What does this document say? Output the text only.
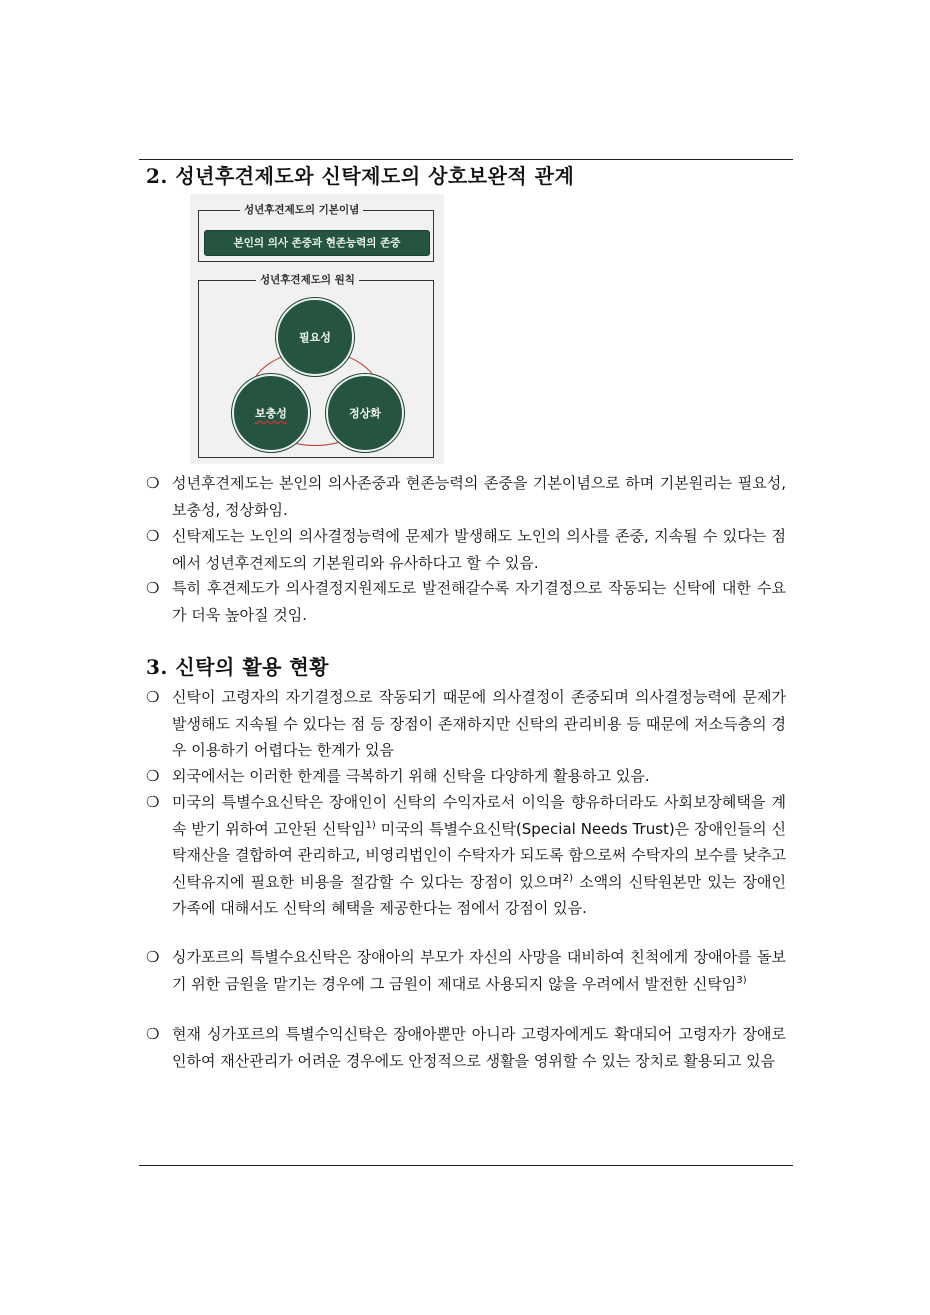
2. 성년후견제도와 신탁제도의 상호보완적 관계
성년후견제도의 기본이념
본인의 의사 존중과 현존능력의 존중
성년후견제도의 원칙
필요성
보충성	정상화
❍ 성년후견제도는 본인의 의사존중과 현존능력의 존중을 기본이념으로 하며 기본원리는 필요성, 보충성, 정상화임.
❍ 신탁제도는 노인의 의사결정능력에 문제가 발생해도 노인의 의사를 존중, 지속될 수 있다는 점에서 성년후견제도의 기본원리와 유사하다고 할 수 있음.
❍ 특히 후견제도가 의사결정지원제도로 발전해갈수록 자기결정으로 작동되는 신탁에 대한 수요가 더욱 높아질 것임.
3. 신탁의 활용 현황
❍ 신탁이 고령자의 자기결정으로 작동되기 때문에 의사결정이 존중되며 의사결정능력에 문제가 발생해도 지속될 수 있다는 점 등 장점이 존재하지만 신탁의 관리비용 등 때문에 저소득층의 경우 이용하기 어렵다는 한계가 있음
❍ 외국에서는 이러한 한계를 극복하기 위해 신탁을 다양하게 활용하고 있음.
❍ 미국의 특별수요신탁은 장애인이 신탁의 수익자로서 이익을 향유하더라도 사회보장혜택을 계속 받기 위하여 고안된 신탁임$^{1)}$ 미국의 특별수요신탁(Special Needs Trust)은 장애인들의 신탁재산을 결합하여 관리하고, 비영리법인이 수탁자가 되도록 함으로써 수탁자의 보수를 낮추고 신탁유지에 필요한 비용을 절감할 수 있다는 장점이 있으며$^{2)}$ 소액의 신탁원본만 있는 장애인 가족에 대해서도 신탁의 혜택을 제공한다는 점에서 강점이 있음.
❍ 싱가포르의 특별수요신탁은 장애아의 부모가 자신의 사망을 대비하여 친척에게 장애아를 돌보기 위한 금원을 맡기는 경우에 그 금원이 제대로 사용되지 않을 우려에서 발전한 신탁임$^{3)}$
❍ 현재 싱가포르의 특별수익신탁은 장애아뿐만 아니라 고령자에게도 확대되어 고령자가 장애로 인하여 재산관리가 어려운 경우에도 안정적으로 생활을 영위할 수 있는 장치로 활용되고 있음
